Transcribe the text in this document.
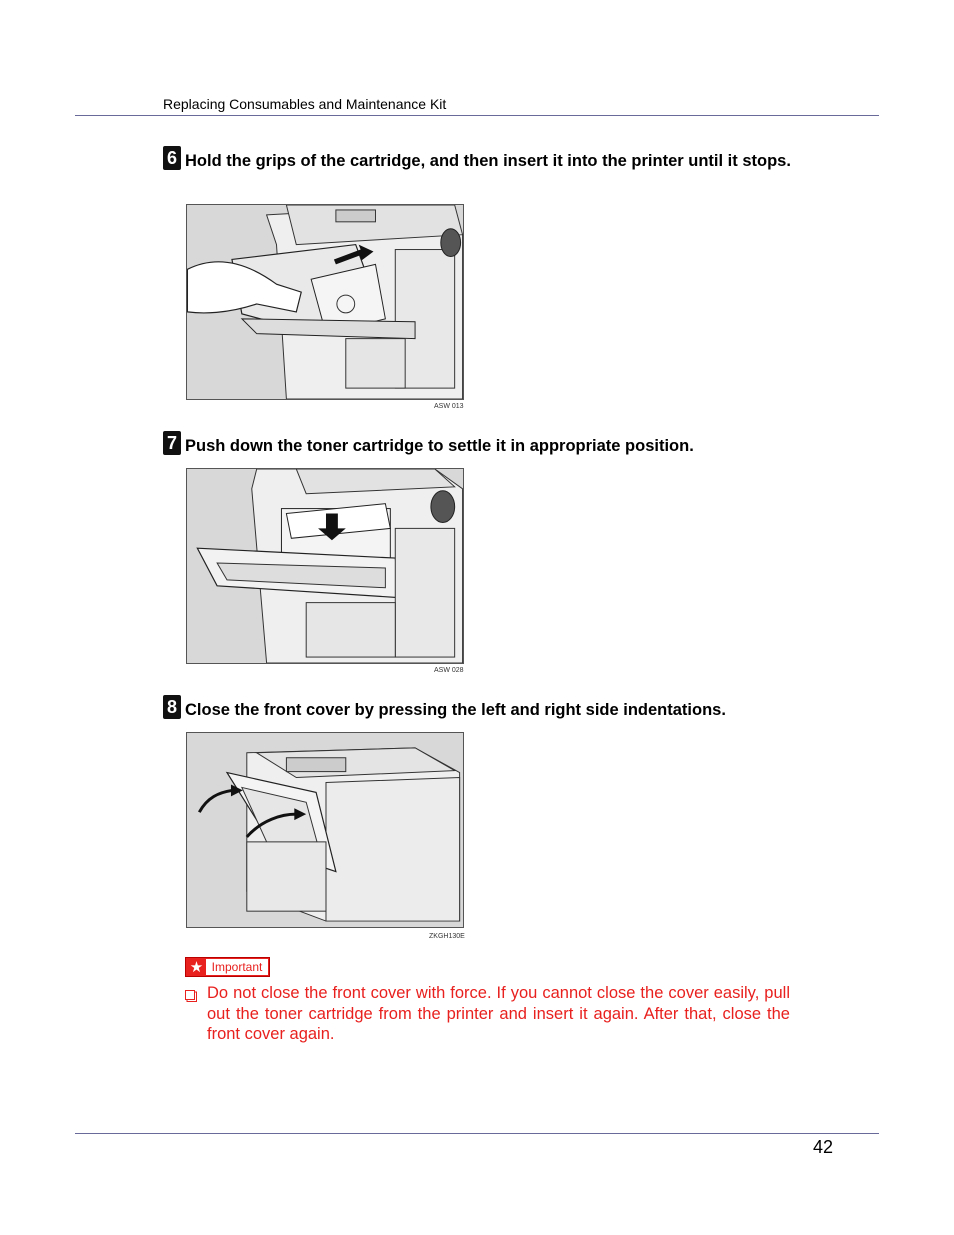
Replacing Consumables and Maintenance Kit
6 Hold the grips of the cartridge, and then insert it into the printer until it stops.
ASW 013
7 Push down the toner cartridge to settle it in appropriate position.
ASW 028
8 Close the front cover by pressing the left and right side indentations.
ZKGH130E
★ Important
Do not close the front cover with force. If you cannot close the cover easily, pull out the toner cartridge from the printer and insert it again. After that, close the front cover again.
42
